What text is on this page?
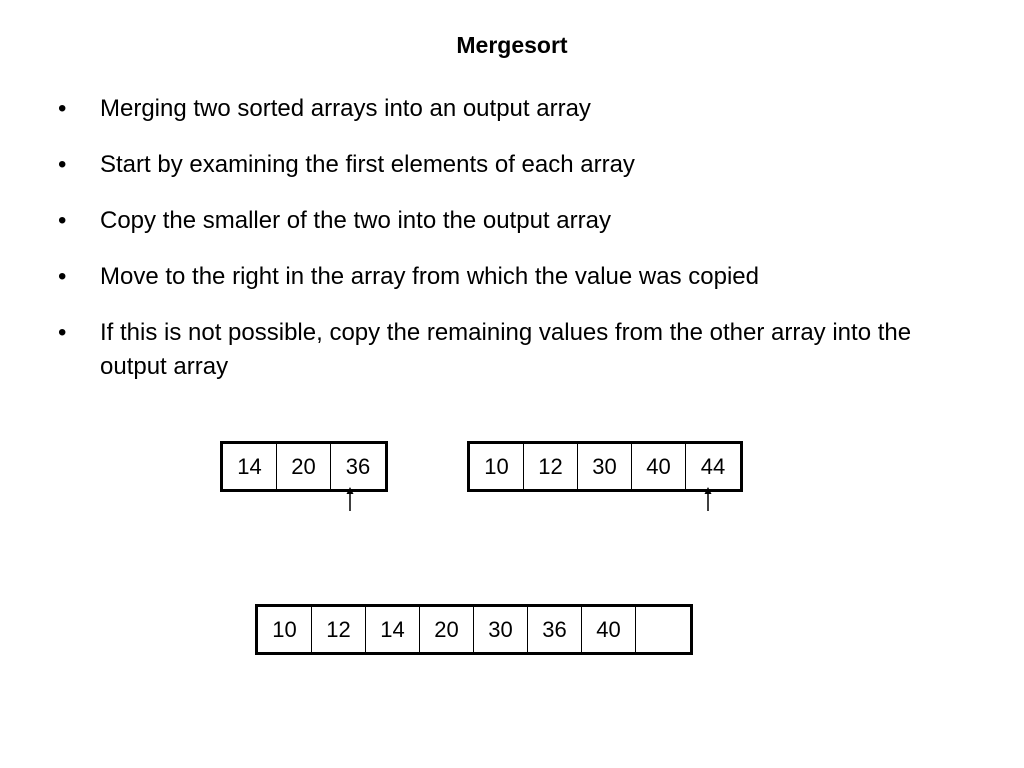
Mergesort
• Merging two sorted arrays into an output array
• Start by examining the first elements of each array
• Copy the smaller of the two into the output array
• Move to the right in the array from which the value was copied
• If this is not possible, copy the remaining values from the other array into the output array
14	20	36	10	12	30	40	44
10	12	14	20	30	36	40
